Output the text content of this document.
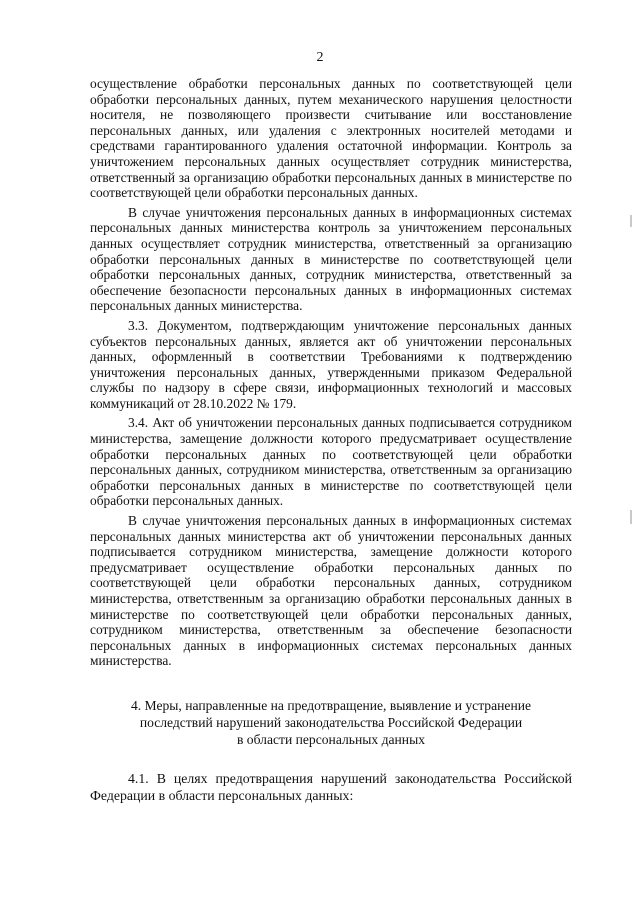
2

осуществление обработки персональных данных по соответствующей цели обработки персональных данных, путем механического нарушения целостности носителя, не позволяющего произвести считывание или восстановление персональных данных, или удаления с электронных носителей методами и средствами гарантированного удаления остаточной информации. Контроль за уничтожением персональных данных осуществляет сотрудник министерства, ответственный за организацию обработки персональных данных в министерстве по соответствующей цели обработки персональных данных.

В случае уничтожения персональных данных в информационных системах персональных данных министерства контроль за уничтожением персональных данных осуществляет сотрудник министерства, ответственный за организацию обработки персональных данных в министерстве по соответствующей цели обработки персональных данных, сотрудник министерства, ответственный за обеспечение безопасности персональных данных в информационных системах персональных данных министерства.

3.3. Документом, подтверждающим уничтожение персональных данных субъектов персональных данных, является акт об уничтожении персональных данных, оформленный в соответствии Требованиями к подтверждению уничтожения персональных данных, утвержденными приказом Федеральной службы по надзору в сфере связи, информационных технологий и массовых коммуникаций от 28.10.2022 № 179.

3.4. Акт об уничтожении персональных данных подписывается сотрудником министерства, замещение должности которого предусматривает осуществление обработки персональных данных по соответствующей цели обработки персональных данных, сотрудником министерства, ответственным за организацию обработки персональных данных в министерстве по соответствующей цели обработки персональных данных.

В случае уничтожения персональных данных в информационных системах персональных данных министерства акт об уничтожении персональных данных подписывается сотрудником министерства, замещение должности которого предусматривает осуществление обработки персональных данных по соответствующей цели обработки персональных данных, сотрудником министерства, ответственным за организацию обработки персональных данных в министерстве по соответствующей цели обработки персональных данных, сотрудником министерства, ответственным за обеспечение безопасности персональных данных в информационных системах персональных данных министерства.

4. Меры, направленные на предотвращение, выявление и устранение
последствий нарушений законодательства Российской Федерации
в области персональных данных

4.1. В целях предотвращения нарушений законодательства Российской Федерации в области персональных данных:
